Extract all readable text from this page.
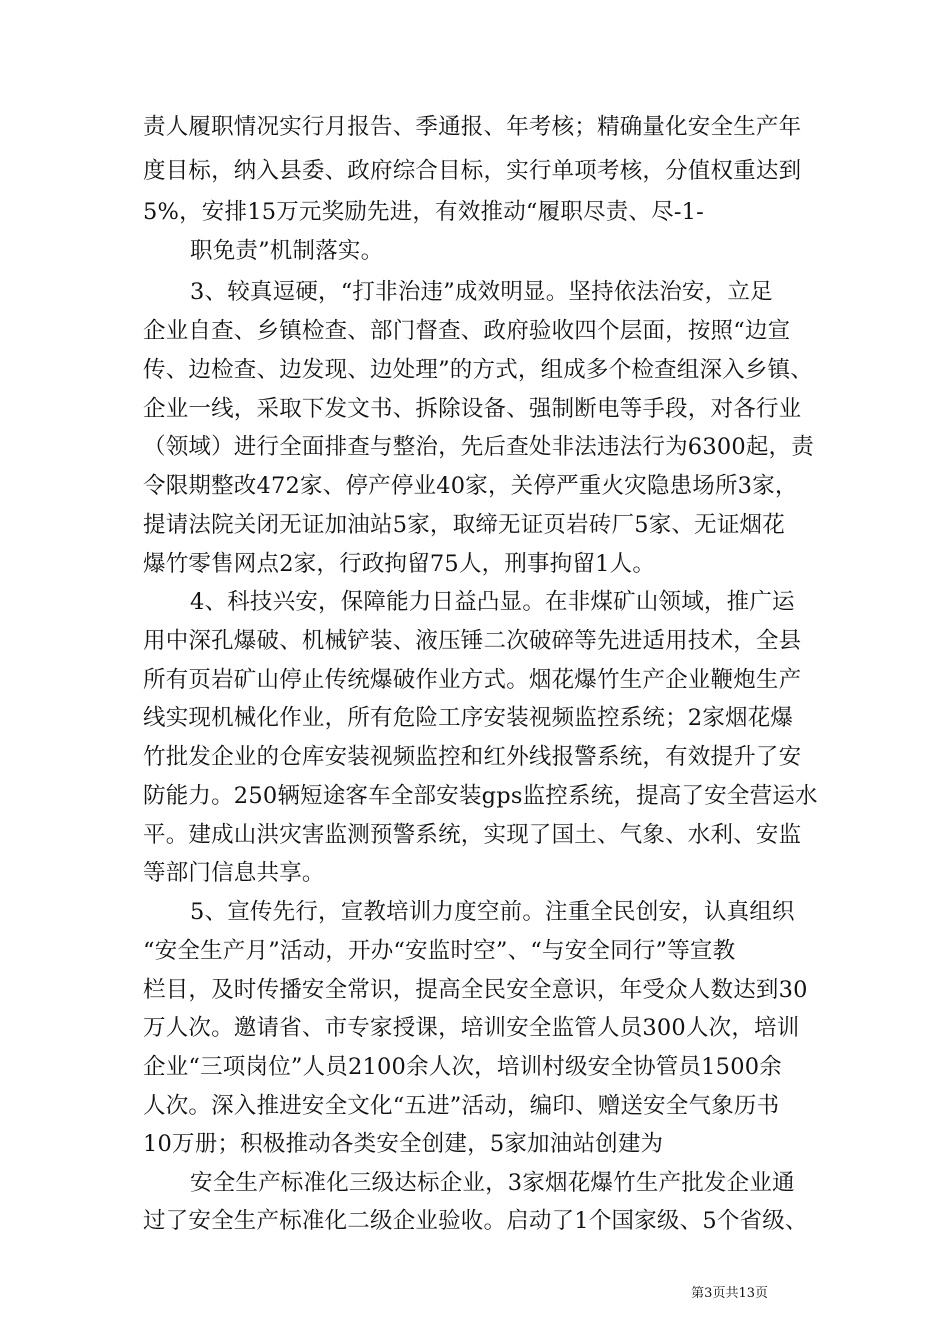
责人履职情况实行月报告、季通报、年考核；精确量化安全生产年
度目标，纳入县委、政府综合目标，实行单项考核，分值权重达到
5%，安排15万元奖励先进，有效推动“履职尽责、尽-1-
职免责”机制落实。
3、较真逗硬，“打非治违”成效明显。坚持依法治安，立足
企业自查、乡镇检查、部门督查、政府验收四个层面，按照“边宣
传、边检查、边发现、边处理”的方式，组成多个检查组深入乡镇、
企业一线，采取下发文书、拆除设备、强制断电等手段，对各行业
（领域）进行全面排查与整治，先后查处非法违法行为6300起，责
令限期整改472家、停产停业40家，关停严重火灾隐患场所3家，
提请法院关闭无证加油站5家，取缔无证页岩砖厂5家、无证烟花
爆竹零售网点2家，行政拘留75人，刑事拘留1人。
4、科技兴安，保障能力日益凸显。在非煤矿山领域，推广运
用中深孔爆破、机械铲装、液压锤二次破碎等先进适用技术，全县
所有页岩矿山停止传统爆破作业方式。烟花爆竹生产企业鞭炮生产
线实现机械化作业，所有危险工序安装视频监控系统；2家烟花爆
竹批发企业的仓库安装视频监控和红外线报警系统，有效提升了安
防能力。250辆短途客车全部安装gps监控系统，提高了安全营运水
平。建成山洪灾害监测预警系统，实现了国土、气象、水利、安监
等部门信息共享。
5、宣传先行，宣教培训力度空前。注重全民创安，认真组织
“安全生产月”活动，开办“安监时空”、“与安全同行”等宣教
栏目，及时传播安全常识，提高全民安全意识，年受众人数达到30
万人次。邀请省、市专家授课，培训安全监管人员300人次，培训
企业“三项岗位”人员2100余人次，培训村级安全协管员1500余
人次。深入推进安全文化“五进”活动，编印、赠送安全气象历书
10万册；积极推动各类安全创建，5家加油站创建为
安全生产标准化三级达标企业，3家烟花爆竹生产批发企业通
过了安全生产标准化二级企业验收。启动了1个国家级、5个省级、
第3页共13页
